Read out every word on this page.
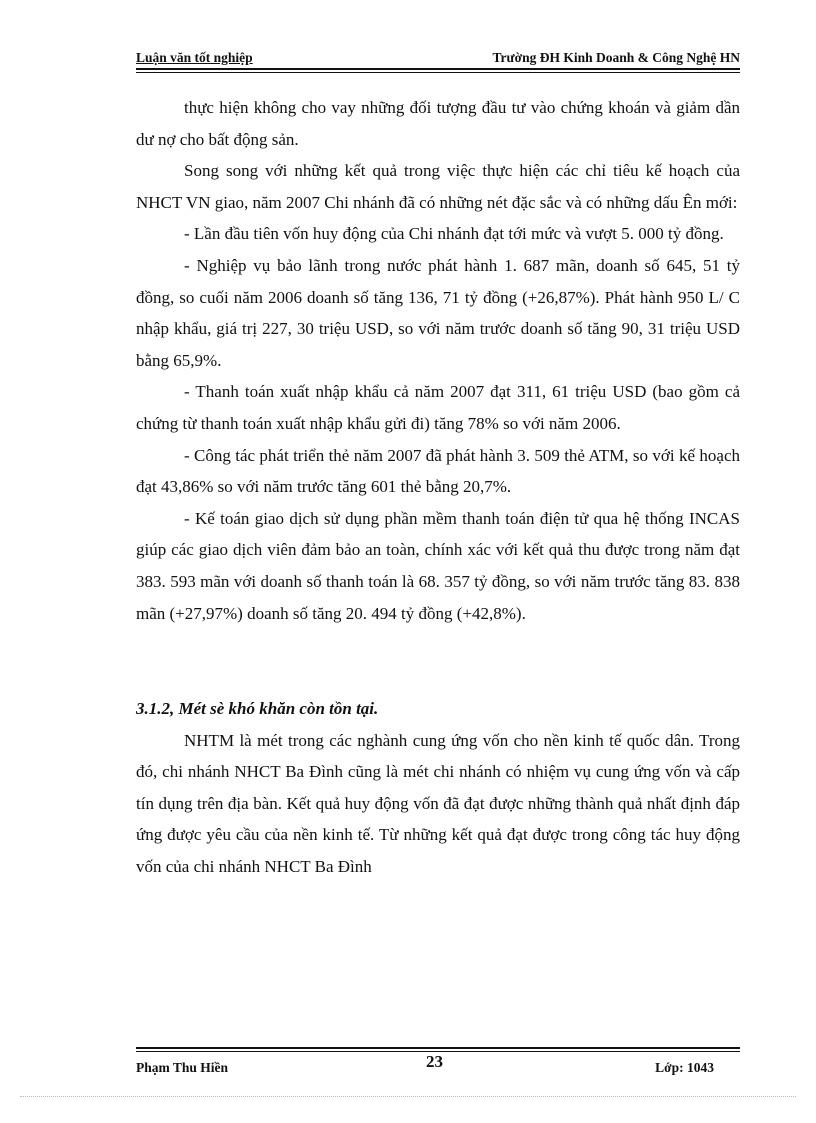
Luận văn tốt nghiệp	Trường ĐH Kinh Doanh & Công Nghệ HN

thực hiện không cho vay những đối tượng đầu tư vào chứng khoán và giảm dần dư nợ cho bất động sản.

Song song với những kết quả trong việc thực hiện các chỉ tiêu kế hoạch của NHCT VN giao, năm 2007 Chi nhánh đã có những nét đặc sắc và có những dấu Ên mới:

- Lần đầu tiên vốn huy động của Chi nhánh đạt tới mức và vượt 5. 000 tỷ đồng.

- Nghiệp vụ bảo lãnh trong nước phát hành 1. 687 mãn, doanh số 645, 51 tỷ đồng, so cuối năm 2006 doanh số tăng 136, 71 tỷ đồng (+26,87%). Phát hành 950 L/ C nhập khẩu, giá trị 227, 30 triệu USD, so với năm trước doanh số tăng 90, 31 triệu USD bằng 65,9%.

- Thanh toán xuất nhập khẩu cả năm 2007 đạt 311, 61 triệu USD (bao gồm cả chứng từ thanh toán xuất nhập khẩu gửi đi) tăng 78% so với năm 2006.

- Công tác phát triển thẻ năm 2007 đã phát hành 3. 509 thẻ ATM, so với kế hoạch đạt 43,86% so với năm trước tăng 601 thẻ bằng 20,7%.

- Kế toán giao dịch sử dụng phần mềm thanh toán điện tử qua hệ thống INCAS giúp các giao dịch viên đảm bảo an toàn, chính xác với kết quả thu được trong năm đạt 383. 593 mãn với doanh số thanh toán là 68. 357 tỷ đồng, so với năm trước tăng 83. 838 mãn (+27,97%) doanh số tăng 20. 494 tỷ đồng (+42,8%).

3.1.2, Mét sè khó khăn còn tồn tại.

NHTM là mét trong các nghành cung ứng vốn cho nền kinh tế quốc dân. Trong đó, chi nhánh NHCT Ba Đình cũng là mét chi nhánh có nhiệm vụ cung ứng vốn và cấp tín dụng trên địa bàn. Kết quả huy động vốn đã đạt được những thành quả nhất định đáp ứng được yêu cầu của nền kinh tế. Từ những kết quả đạt được trong công tác huy động vốn của chi nhánh NHCT Ba Đình

Phạm Thu Hiền	23	Lớp: 1043
